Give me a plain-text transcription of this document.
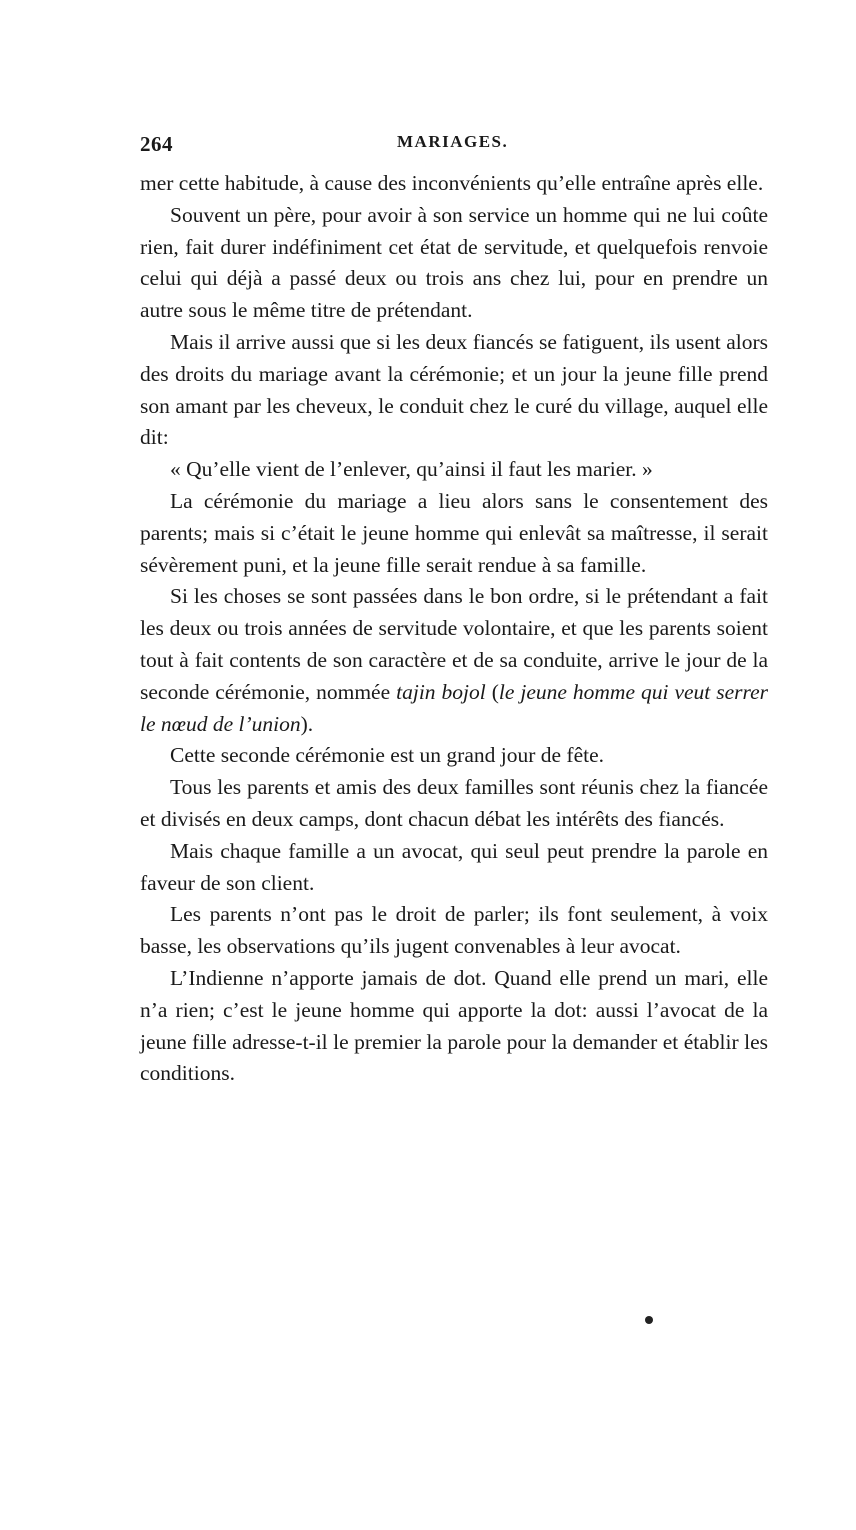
264	MARIAGES.

mer cette habitude, à cause des inconvénients qu’elle entraîne après elle.

Souvent un père, pour avoir à son service un homme qui ne lui coûte rien, fait durer indéfiniment cet état de servitude, et quelquefois renvoie celui qui déjà a passé deux ou trois ans chez lui, pour en prendre un autre sous le même titre de prétendant.

Mais il arrive aussi que si les deux fiancés se fatiguent, ils usent alors des droits du mariage avant la cérémonie; et un jour la jeune fille prend son amant par les cheveux, le conduit chez le curé du village, auquel elle dit:

« Qu’elle vient de l’enlever, qu’ainsi il faut les marier. »

La cérémonie du mariage a lieu alors sans le consentement des parents; mais si c’était le jeune homme qui enlevât sa maîtresse, il serait sévèrement puni, et la jeune fille serait rendue à sa famille.

Si les choses se sont passées dans le bon ordre, si le prétendant a fait les deux ou trois années de servitude volontaire, et que les parents soient tout à fait contents de son caractère et de sa conduite, arrive le jour de la seconde cérémonie, nommée tajin bojol (le jeune homme qui veut serrer le nœud de l’union).

Cette seconde cérémonie est un grand jour de fête.

Tous les parents et amis des deux familles sont réunis chez la fiancée et divisés en deux camps, dont chacun débat les intérêts des fiancés.

Mais chaque famille a un avocat, qui seul peut prendre la parole en faveur de son client.

Les parents n’ont pas le droit de parler; ils font seulement, à voix basse, les observations qu’ils jugent convenables à leur avocat.

L’Indienne n’apporte jamais de dot. Quand elle prend un mari, elle n’a rien; c’est le jeune homme qui apporte la dot: aussi l’avocat de la jeune fille adresse-t-il le premier la parole pour la demander et établir les conditions.
